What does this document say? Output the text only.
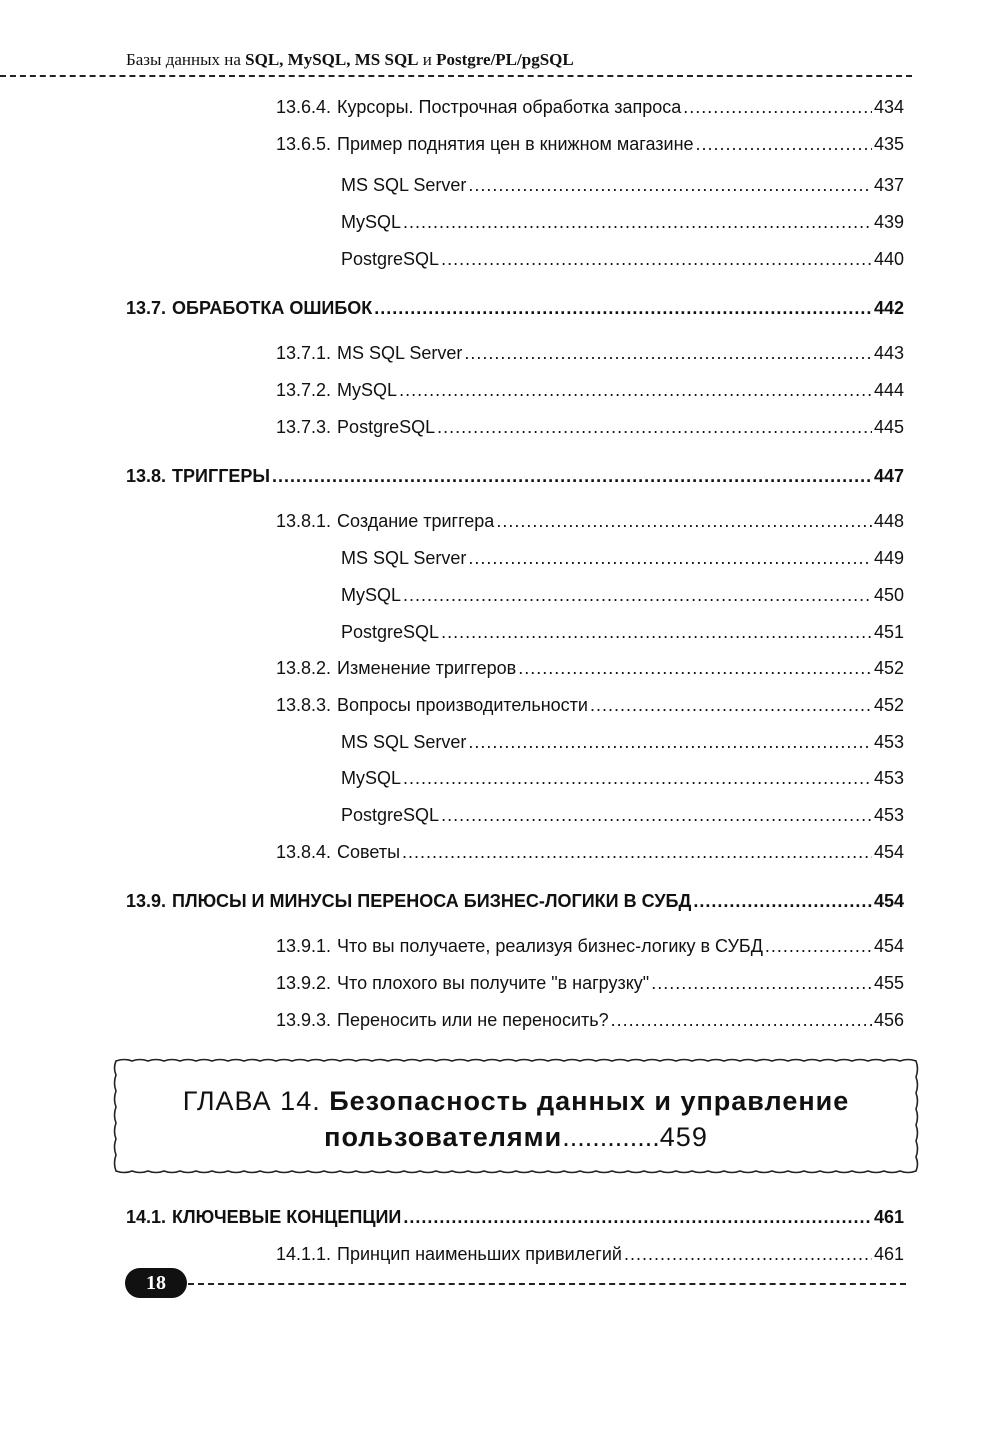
Базы данных на SQL, MySQL, MS SQL и Postgre/PL/pgSQL
13.6.4. Курсоры. Построчная обработка запроса .....	434
13.6.5. Пример поднятия цен в книжном магазине .....	435
MS SQL Server .....	437
MySQL .....	439
PostgreSQL .....	440
13.7. ОБРАБОТКА ОШИБОК .....	442
13.7.1. MS SQL Server .....	443
13.7.2. MySQL .....	444
13.7.3. PostgreSQL .....	445
13.8. ТРИГГЕРЫ .....	447
13.8.1. Создание триггера .....	448
MS SQL Server .....	449
MySQL .....	450
PostgreSQL .....	451
13.8.2. Изменение триггеров .....	452
13.8.3. Вопросы производительности .....	452
MS SQL Server .....	453
MySQL .....	453
PostgreSQL .....	453
13.8.4. Советы .....	454
13.9. ПЛЮСЫ И МИНУСЫ ПЕРЕНОСА БИЗНЕС-ЛОГИКИ В СУБД .....	454
13.9.1. Что вы получаете, реализуя бизнес-логику в СУБД .....	454
13.9.2. Что плохого вы получите "в нагрузку" .....	455
13.9.3. Переносить или не переносить? .....	456
ГЛАВА 14. Безопасность данных и управление
пользователями.............459
14.1. КЛЮЧЕВЫЕ КОНЦЕПЦИИ .....	461
14.1.1. Принцип наименьших привилегий .....	461
18
